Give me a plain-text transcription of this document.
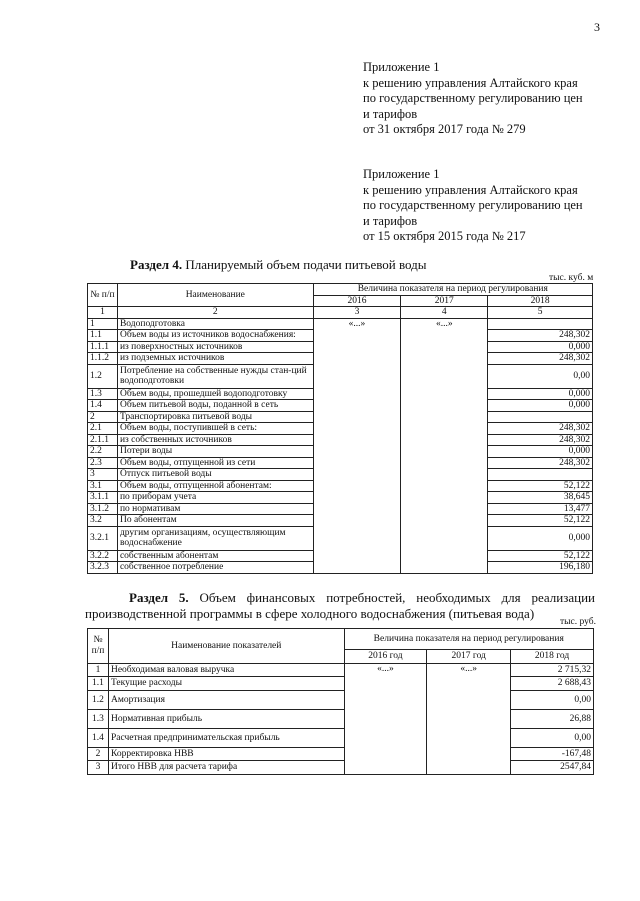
3
Приложение 1
к решению управления Алтайского края
по государственному регулированию цен
и тарифов
от 31 октября 2017 года № 279
Приложение 1
к решению управления Алтайского края
по государственному регулированию цен
и тарифов
от 15 октября 2015 года № 217
Раздел 4. Планируемый объем подачи питьевой воды
тыс. куб. м
№ п/п	Наименование	Величина показателя на период регулирования		
		2016	2017	2018
1	2	3	4	5
1	Водоподготовка	«...»	«...»	
1.1	Объем воды из источников водоснабжения:			248,302
1.1.1	из поверхностных источников			0,000
1.1.2	из подземных источников			248,302
1.2	Потребление на собственные нужды стан-ций водоподготовки			0,00
1.3	Объем воды, прошедшей водоподготовку			0,000
1.4	Объем питьевой воды, поданной в сеть			0,000
2	Транспортировка питьевой воды			
2.1	Объем воды, поступившей в сеть:			248,302
2.1.1	из собственных источников			248,302
2.2	Потери воды			0,000
2.3	Объем воды, отпущенной из сети			248,302
3	Отпуск питьевой воды			
3.1	Объем воды, отпущенной абонентам:			52,122
3.1.1	по приборам учета			38,645
3.1.2	по нормативам			13,477
3.2	По абонентам			52,122
3.2.1	другим организациям, осуществляющим водоснабжение			0,000
3.2.2	собственным абонентам			52,122
3.2.3	собственное потребление			196,180
Раздел 5. Объем финансовых потребностей, необходимых для реализации производственной программы в сфере холодного водоснабжения (питьевая вода)
тыс. руб.
№ п/п	Наименование показателей	Величина показателя на период регулирования		
		2016 год	2017 год	2018 год
1	Необходимая валовая выручка	«...»	«...»	2 715,32
1.1	Текущие расходы			2 688,43
1.2	Амортизация			0,00
1.3	Нормативная прибыль			26,88
1.4	Расчетная предпринимательская прибыль			0,00
2	Корректировка НВВ			-167,48
3	Итого НВВ для расчета тарифа			2547,84
